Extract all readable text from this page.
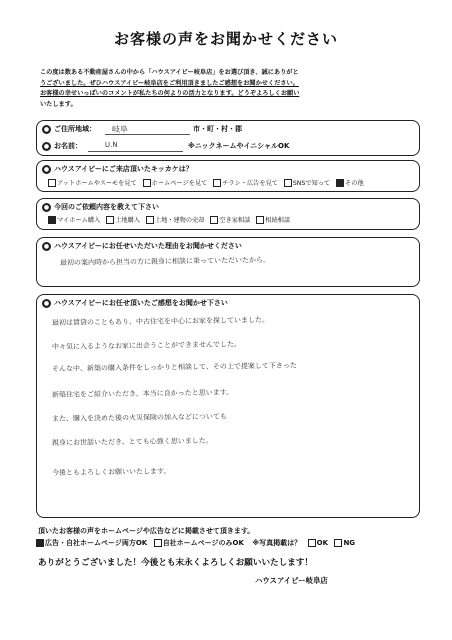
お客様の声をお聞かせください
この度は数ある不動産屋さんの中から「ハウスアイビー岐阜店」をお選び頂き、誠にありがと
うございました。ぜひハウスアイビー岐阜店をご利用頂きましたご感想をお聞かせください。
お客様の幸せいっぱいのコメントが私たちの何よりの活力となります。どうぞよろしくお願い
いたします。
● ご住所地域： 岐阜	市・町・村・郡
● お名前：	U.N	※ニックネームやイニシャルOK
● ハウスアイビーにご来店頂いたキッカケは？
アットホームやスーモを見て ホームページを見て チラシ・広告を見て SNSで知って その他
● 今回のご依頼内容を教えて下さい
マイホーム購入 土地購入 土地・建物の売却 空き家相談 相続相談
● ハウスアイビーにお任せいただいた理由をお聞かせください
最初の案内時から担当の方に親身に相談に乗っていただいたから。
● ハウスアイビーにお任せ頂いたご感想をお聞かせ下さい
最初は賃貸のこともあり、中古住宅を中心にお家を探していました。
中々気に入るようなお家に出会うことができませんでした。
そんな中、新築の購入条件をしっかりと相談して、その上で提案して下さった
新築住宅をご紹介いただき、本当に良かったと思います。
また、購入を決めた後の火災保険の加入などについても
親身にお世話いただき、とても心強く思いました。
今後ともよろしくお願いいたします。
頂いたお客様の声をホームページや広告などに掲載させて頂きます。
広告・自社ホームページ両方OK 自社ホームページのみOK ※写真掲載は？ OK NG
ありがとうございました！今後とも末永くよろしくお願いいたします！
ハウスアイビー岐阜店
